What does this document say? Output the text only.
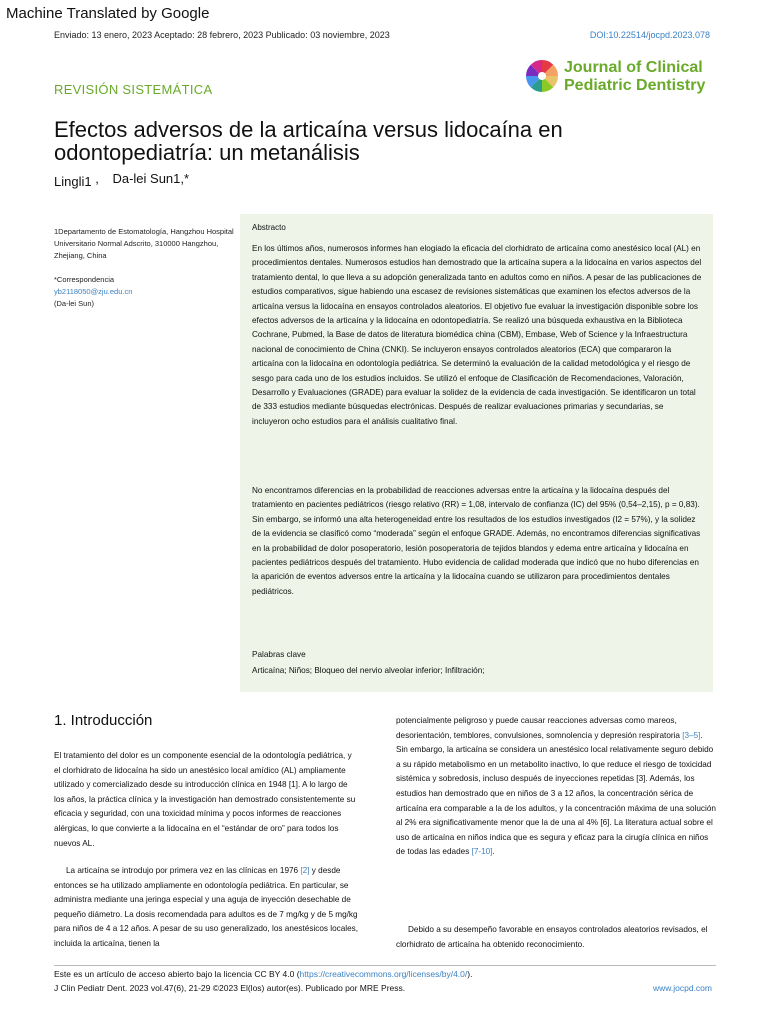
Machine Translated by Google
Enviado: 13 enero, 2023 Aceptado: 28 febrero, 2023 Publicado: 03 noviembre, 2023	DOI:10.22514/jocpd.2023.078
REVISIÓN SISTEMÁTICA
Journal of Clinical
Pediatric Dentistry
Efectos adversos de la articaína versus lidocaína en odontopediatría: un metanálisis
Lingli1 , Da-lei Sun1,*
1Departamento de Estomatología, Hangzhou Hospital Universitario Normal Adscrito, 310000 Hangzhou, Zhejiang, China
*Correspondencia
yb2118050@zju.edu.cn
(Da-lei Sun)
Abstracto

En los últimos años, numerosos informes han elogiado la eficacia del clorhidrato de articaína como anestésico local (AL) en procedimientos dentales. Numerosos estudios han demostrado que la articaína supera a la lidocaína en varios aspectos del tratamiento dental, lo que lleva a su adopción generalizada tanto en adultos como en niños. A pesar de las publicaciones de estudios comparativos, sigue habiendo una escasez de revisiones sistemáticas que examinen los efectos adversos de la articaína versus la lidocaína en ensayos controlados aleatorios. El objetivo fue evaluar la investigación disponible sobre los efectos adversos de la articaína y la lidocaína en odontopediatría. Se realizó una búsqueda exhaustiva en la Biblioteca Cochrane, Pubmed, la Base de datos de literatura biomédica china (CBM), Embase, Web of Science y la Infraestructura nacional de conocimiento de China (CNKI). Se incluyeron ensayos controlados aleatorios (ECA) que compararon la articaína con la lidocaína en odontología pediátrica. Se determinó la evaluación de la calidad metodológica y el riesgo de sesgo para cada uno de los estudios incluidos. Se utilizó el enfoque de Clasificación de Recomendaciones, Valoración, Desarrollo y Evaluaciones (GRADE) para evaluar la solidez de la evidencia de cada investigación. Se identificaron un total de 333 estudios mediante búsquedas electrónicas. Después de realizar evaluaciones primarias y secundarias, se incluyeron ocho estudios para el análisis cualitativo final.

No encontramos diferencias en la probabilidad de reacciones adversas entre la articaína y la lidocaína después del tratamiento en pacientes pediátricos (riesgo relativo (RR) = 1,08, intervalo de confianza (IC) del 95% (0,54–2,15), p = 0,83). Sin embargo, se informó una alta heterogeneidad entre los resultados de los estudios investigados (I2 = 57%), y la solidez de la evidencia se clasificó como “moderada” según el enfoque GRADE. Además, no encontramos diferencias significativas en la probabilidad de dolor posoperatorio, lesión posoperatoria de tejidos blandos y edema entre articaína y lidocaína en pacientes pediátricos después del tratamiento. Hubo evidencia de calidad moderada que indicó que no hubo diferencias en la aparición de eventos adversos entre la articaína y la lidocaína cuando se utilizaron para procedimientos dentales pediátricos.

Palabras clave
Articaína; Niños; Bloqueo del nervio alveolar inferior; Infiltración;
1. Introducción

El tratamiento del dolor es un componente esencial de la odontología pediátrica, y el clorhidrato de lidocaína ha sido un anestésico local amídico (AL) ampliamente utilizado y comercializado desde su introducción clínica en 1948 [1]. A lo largo de los años, la práctica clínica y la investigación han demostrado consistentemente su eficacia y seguridad, con una toxicidad mínima y pocos informes de reacciones alérgicas, lo que convierte a la lidocaína en el “estándar de oro” para todos los nuevos AL.

La articaína se introdujo por primera vez en las clínicas en 1976 [2] y desde entonces se ha utilizado ampliamente en odontología pediátrica. En particular, se administra mediante una jeringa especial y una aguja de inyección desechable de pequeño diámetro. La dosis recomendada para adultos es de 7 mg/kg y de 5 mg/kg para niños de 4 a 12 años. A pesar de su uso generalizado, los anestésicos locales, incluida la articaína, tienen la

potencialmente peligroso y puede causar reacciones adversas como mareos, desorientación, temblores, convulsiones, somnolencia y depresión respiratoria [3–5]. Sin embargo, la articaína se considera un anestésico local relativamente seguro debido a su rápido metabolismo en un metabolito inactivo, lo que reduce el riesgo de toxicidad sistémica y sobredosis, incluso después de inyecciones repetidas [3]. Además, los estudios han demostrado que en niños de 3 a 12 años, la concentración sérica de articaína era comparable a la de los adultos, y la concentración máxima de una solución al 2% era significativamente menor que la de una al 4% [6]. La literatura actual sobre el uso de articaína en niños indica que es segura y eficaz para la cirugía clínica en niños de todas las edades [7-10].

Debido a su desempeño favorable en ensayos controlados aleatorios revisados, el clorhidrato de articaína ha obtenido reconocimiento.

Este es un artículo de acceso abierto bajo la licencia CC BY 4.0 (https://creativecommons.org/licenses/by/4.0/).
J Clin Pediatr Dent. 2023 vol.47(6), 21-29 ©2023 El(los) autor(es). Publicado por MRE Press.	www.jocpd.com
